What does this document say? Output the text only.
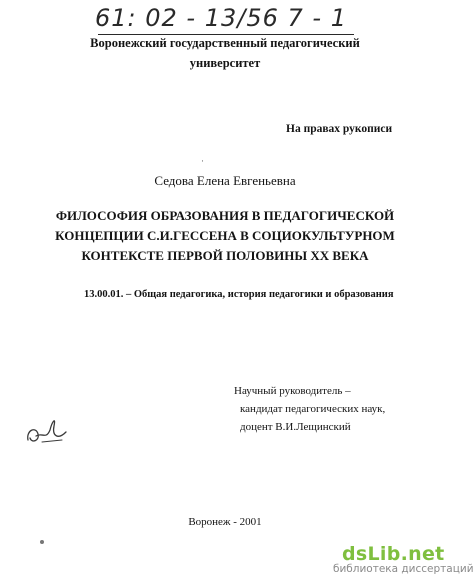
61: 02 - 13/56 7 - 1
Воронежский государственный педагогический
университет
На правах рукописи
·
Седова Елена Евгеньевна
ФИЛОСОФИЯ ОБРАЗОВАНИЯ В ПЕДАГОГИЧЕСКОЙ
КОНЦЕПЦИИ С.И.ГЕССЕНА В СОЦИОКУЛЬТУРНОМ
КОНТЕКСТЕ ПЕРВОЙ ПОЛОВИНЫ XX ВЕКА
13.00.01. – Общая педагогика, история педагогики и образования
Научный руководитель –
кандидат педагогических наук,
доцент В.И.Лещинский
Воронеж - 2001
dsLib.net
библиотека диссертаций
